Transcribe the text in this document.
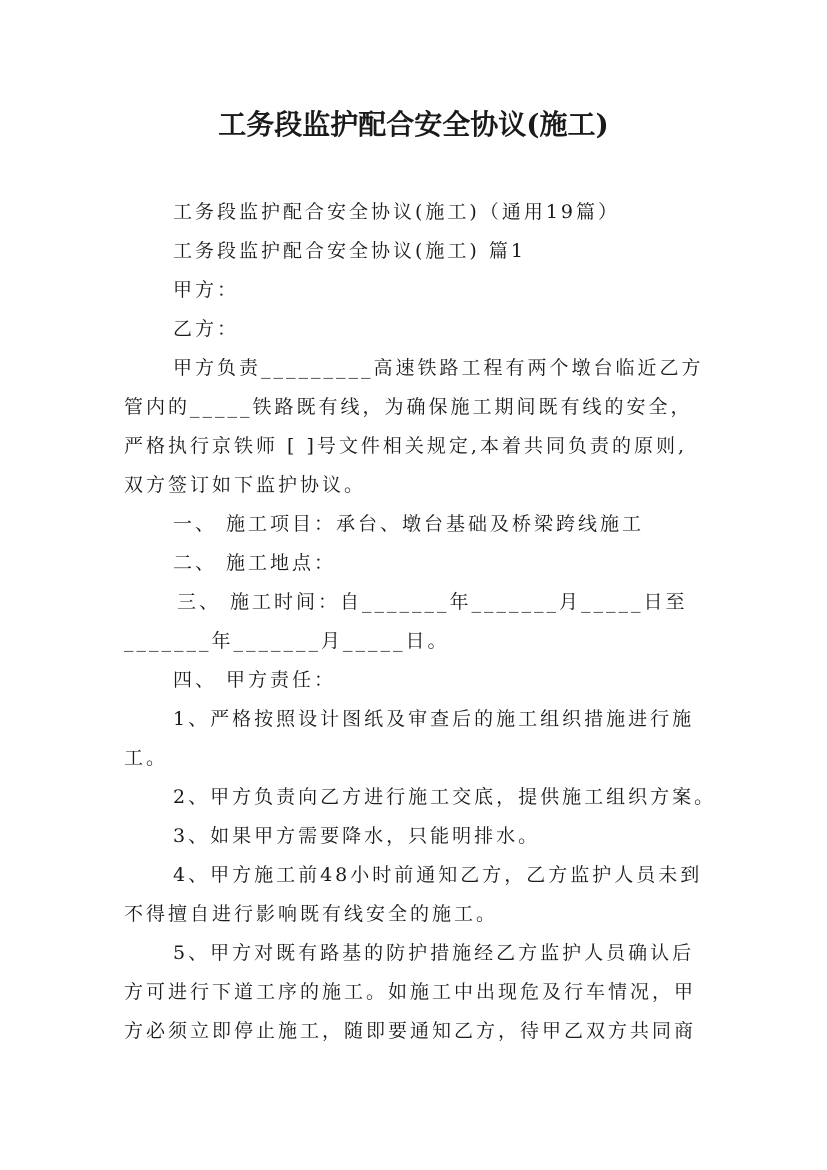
工务段监护配合安全协议(施工)
工务段监护配合安全协议(施工)（通用19篇）
工务段监护配合安全协议(施工) 篇1
甲方：
乙方：
甲方负责_________高速铁路工程有两个墩台临近乙方
管内的_____铁路既有线，为确保施工期间既有线的安全，
严格执行京铁师 [ ]号文件相关规定,本着共同负责的原则,
双方签订如下监护协议。
一、 施工项目：承台、墩台基础及桥梁跨线施工
二、 施工地点：
三、 施工时间：自_______年_______月_____日至
_______年_______月_____日。
四、 甲方责任：
1、严格按照设计图纸及审查后的施工组织措施进行施
工。
2、甲方负责向乙方进行施工交底，提供施工组织方案。
3、如果甲方需要降水，只能明排水。
4、甲方施工前48小时前通知乙方，乙方监护人员未到
不得擅自进行影响既有线安全的施工。
5、甲方对既有路基的防护措施经乙方监护人员确认后
方可进行下道工序的施工。如施工中出现危及行车情况，甲
方必须立即停止施工，随即要通知乙方，待甲乙双方共同商
